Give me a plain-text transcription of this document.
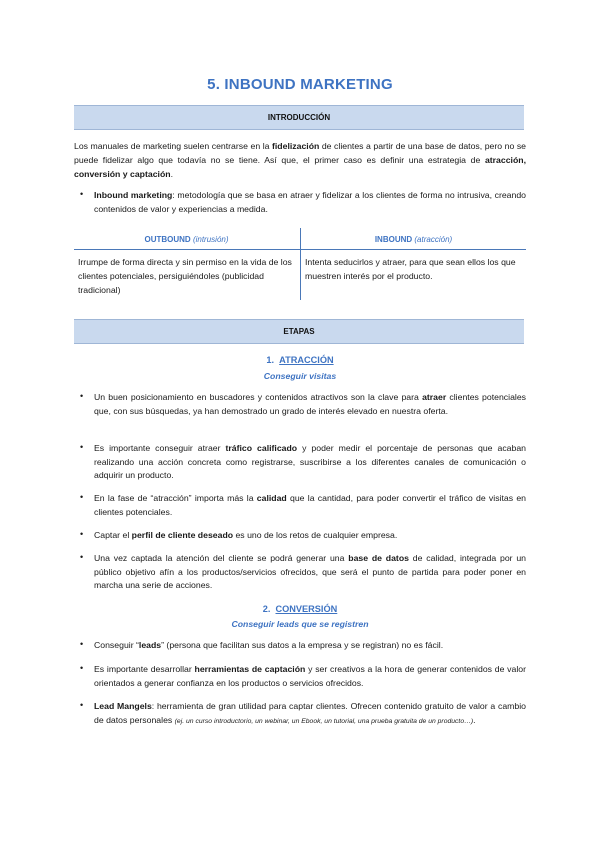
5. INBOUND MARKETING
INTRODUCCIÓN
Los manuales de marketing suelen centrarse en la fidelización de clientes a partir de una base de datos, pero no se puede fidelizar algo que todavía no se tiene. Así que, el primer caso es definir una estrategia de atracción, conversión y captación.
• Inbound marketing: metodología que se basa en atraer y fidelizar a los clientes de forma no intrusiva, creando contenidos de valor y experiencias a medida.
OUTBOUND
(intrusión)	INBOUND
(atracción)
Irrumpe de forma directa y sin permiso en la vida de los clientes potenciales, persiguiéndoles (publicidad tradicional)
Intenta seducirlos y atraer, para que sean ellos los que muestren interés por el producto.
ETAPAS
1. ATRACCIÓN
Conseguir visitas
• Un buen posicionamiento en buscadores y contenidos atractivos son la clave para atraer clientes potenciales que, con sus búsquedas, ya han demostrado un grado de interés elevado en nuestra oferta.
• Es importante conseguir atraer tráfico calificado y poder medir el porcentaje de personas que acaban realizando una acción concreta como registrarse, suscribirse a los diferentes canales de comunicación o adquirir un producto.
• En la fase de “atracción” importa más la calidad que la cantidad, para poder convertir el tráfico de visitas en clientes potenciales.
• Captar el perfil de cliente deseado es uno de los retos de cualquier empresa.
• Una vez captada la atención del cliente se podrá generar una base de datos de calidad, integrada por un público objetivo afín a los productos/servicios ofrecidos, que será el punto de partida para poder poner en marcha una serie de acciones.
2. CONVERSIÓN
Conseguir leads que se registren
• Conseguir “leads” (persona que facilitan sus datos a la empresa y se registran) no es fácil.
• Es importante desarrollar herramientas de captación y ser creativos a la hora de generar contenidos de valor orientados a generar confianza en los productos o servicios ofrecidos.
• Lead Mangels: herramienta de gran utilidad para captar clientes. Ofrecen contenido gratuito de valor a cambio de datos personales (ej. un curso introductorio, un webinar, un Ebook, un tutorial, una prueba gratuita de un producto…).
